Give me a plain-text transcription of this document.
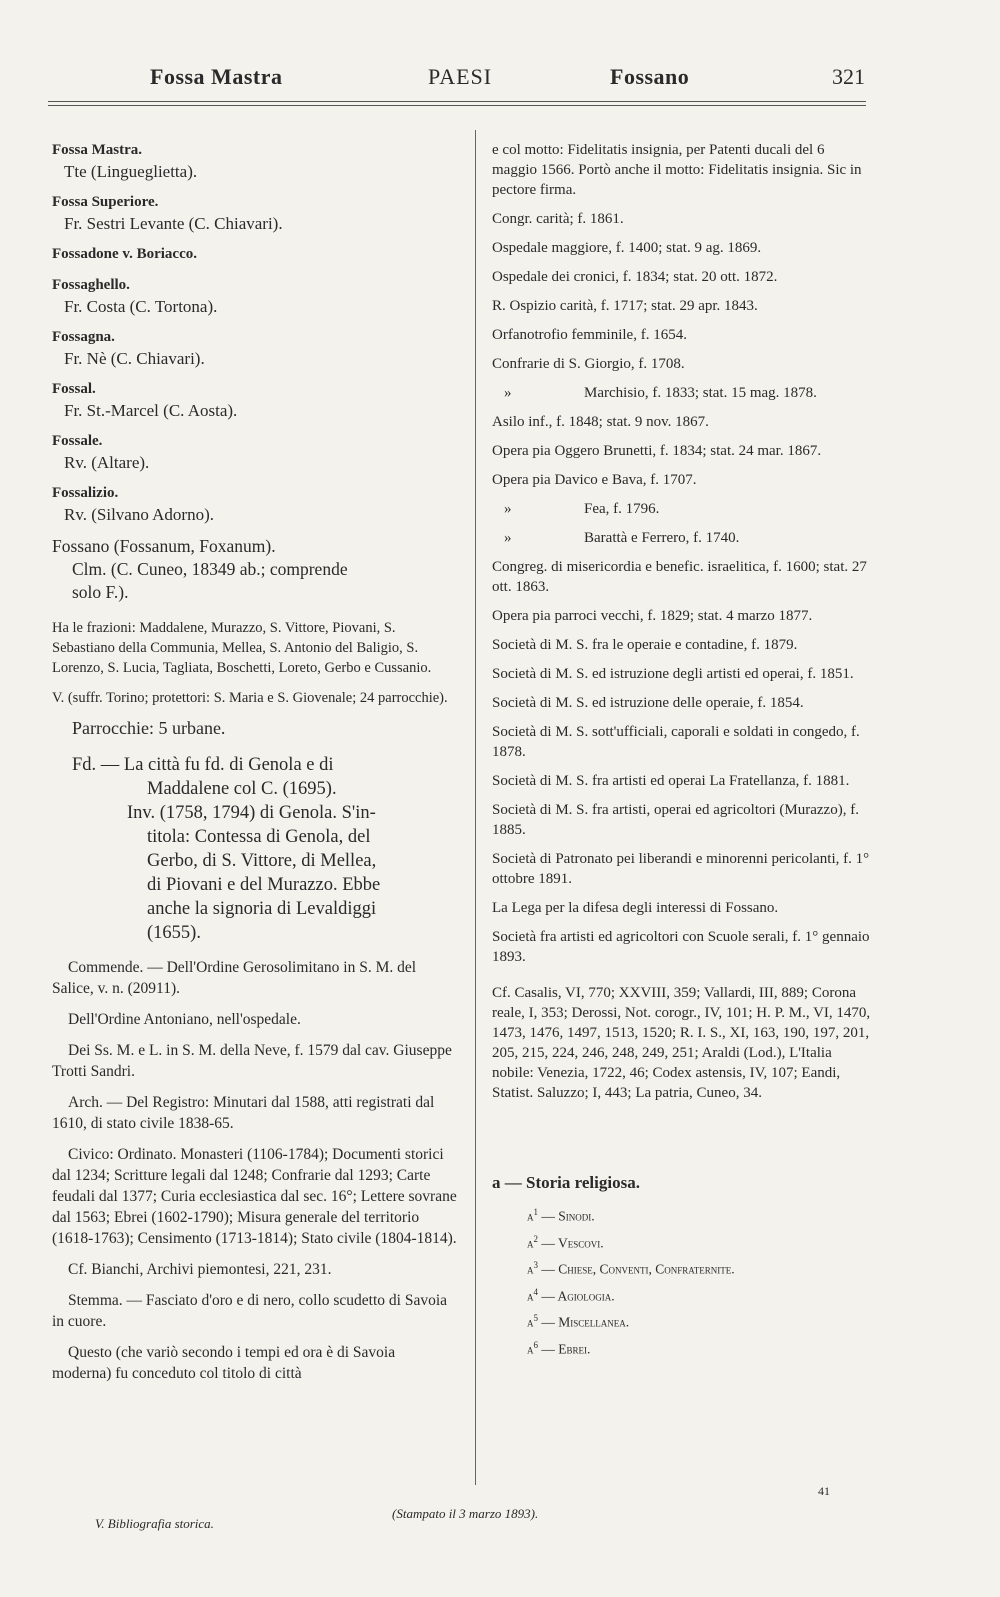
Fossa Mastra	PAESI	Fossano	321
Fossa Mastra.
Tte (Lingueglietta).
Fossa Superiore.
Fr. Sestri Levante (C. Chiavari).
Fossadone v. Boriacco.
Fossaghello.
Fr. Costa (C. Tortona).
Fossagna.
Fr. Nè (C. Chiavari).
Fossal.
Fr. St.-Marcel (C. Aosta).
Fossale.
Rv. (Altare).
Fossalizio.
Rv. (Silvano Adorno).
Fossano (Fossanum, Foxanum).
Clm. (C. Cuneo, 18349 ab.; comprende
solo F.).

Ha le frazioni: Maddalene, Murazzo, S. Vittore, Piovani, S. Sebastiano della Communia, Mellea, S. Antonio del Baligio, S. Lorenzo, S. Lucia, Tagliata, Boschetti, Loreto, Gerbo e Cussanio.

V. (suffr. Torino; protettori: S. Maria e S. Giovenale; 24 parrocchie).

Parrocchie: 5 urbane.
Fd. — La città fu fd. di Genola e di
Maddalene col C. (1695).
Inv. (1758, 1794) di Genola. S'in-
titola: Contessa di Genola, del
Gerbo, di S. Vittore, di Mellea,
di Piovani e del Murazzo. Ebbe
anche la signoria di Levaldiggi
(1655).

Commende. — Dell'Ordine Gerosolimitano in S. M. del Salice, v. n. (20911).

Dell'Ordine Antoniano, nell'ospedale.

Dei Ss. M. e L. in S. M. della Neve, f. 1579 dal cav. Giuseppe Trotti Sandri.

Arch. — Del Registro: Minutari dal 1588, atti registrati dal 1610, di stato civile 1838-65.

Civico: Ordinato. Monasteri (1106-1784); Documenti storici dal 1234; Scritture legali dal 1248; Confrarie dal 1293; Carte feudali dal 1377; Curia ecclesiastica dal sec. 16°; Lettere sovrane dal 1563; Ebrei (1602-1790); Misura generale del territorio (1618-1763); Censimento (1713-1814); Stato civile (1804-1814).

Cf. Bianchi, Archivi piemontesi, 221, 231.

Stemma. — Fasciato d'oro e di nero, collo scudetto di Savoia in cuore.

Questo (che variò secondo i tempi ed ora è di Savoia moderna) fu conceduto col titolo di città

e col motto: Fidelitatis insignia, per Patenti ducali del 6 maggio 1566. Portò anche il motto: Fidelitatis insignia. Sic in pectore firma.

Congr. carità; f. 1861.
Ospedale maggiore, f. 1400; stat. 9 ag. 1869.
Ospedale dei cronici, f. 1834; stat. 20 ott. 1872.
R. Ospizio carità, f. 1717; stat. 29 apr. 1843.
Orfanotrofio femminile, f. 1654.
Confrarie di S. Giorgio, f. 1708.
»	Marchisio, f. 1833; stat. 15 mag. 1878.
Asilo inf., f. 1848; stat. 9 nov. 1867.
Opera pia Oggero Brunetti, f. 1834; stat. 24 mar. 1867.
Opera pia Davico e Bava, f. 1707.
»	Fea, f. 1796.
»	Barattà e Ferrero, f. 1740.
Congreg. di misericordia e benefic. israelitica, f. 1600; stat. 27 ott. 1863.
Opera pia parroci vecchi, f. 1829; stat. 4 marzo 1877.
Società di M. S. fra le operaie e contadine, f. 1879.
Società di M. S. ed istruzione degli artisti ed operai, f. 1851.
Società di M. S. ed istruzione delle operaie, f. 1854.
Società di M. S. sott'ufficiali, caporali e soldati in congedo, f. 1878.
Società di M. S. fra artisti ed operai La Fratellanza, f. 1881.
Società di M. S. fra artisti, operai ed agricoltori (Murazzo), f. 1885.
Società di Patronato pei liberandi e minorenni pericolanti, f. 1° ottobre 1891.
La Lega per la difesa degli interessi di Fossano.
Società fra artisti ed agricoltori con Scuole serali, f. 1° gennaio 1893.

Cf. Casalis, VI, 770; XXVIII, 359; Vallardi, III, 889; Corona reale, I, 353; Derossi, Not. corogr., IV, 101; H. P. M., VI, 1470, 1473, 1476, 1497, 1513, 1520; R. I. S., XI, 163, 190, 197, 201, 205, 215, 224, 246, 248, 249, 251; Araldi (Lod.), L'Italia nobile: Venezia, 1722, 46; Codex astensis, IV, 107; Eandi, Statist. Saluzzo; I, 443; La patria, Cuneo, 34.

a — Storia religiosa.
$a^1$ — Sinodi.
$a^2$ — Vescovi.
$a^3$ — Chiese, Conventi, Confraternite.
$a^4$ — Agiologia.
$a^5$ — Miscellanea.
$a^6$ — Ebrei.
41
V. Bibliografia storica.
(Stampato il 3 marzo 1893).
